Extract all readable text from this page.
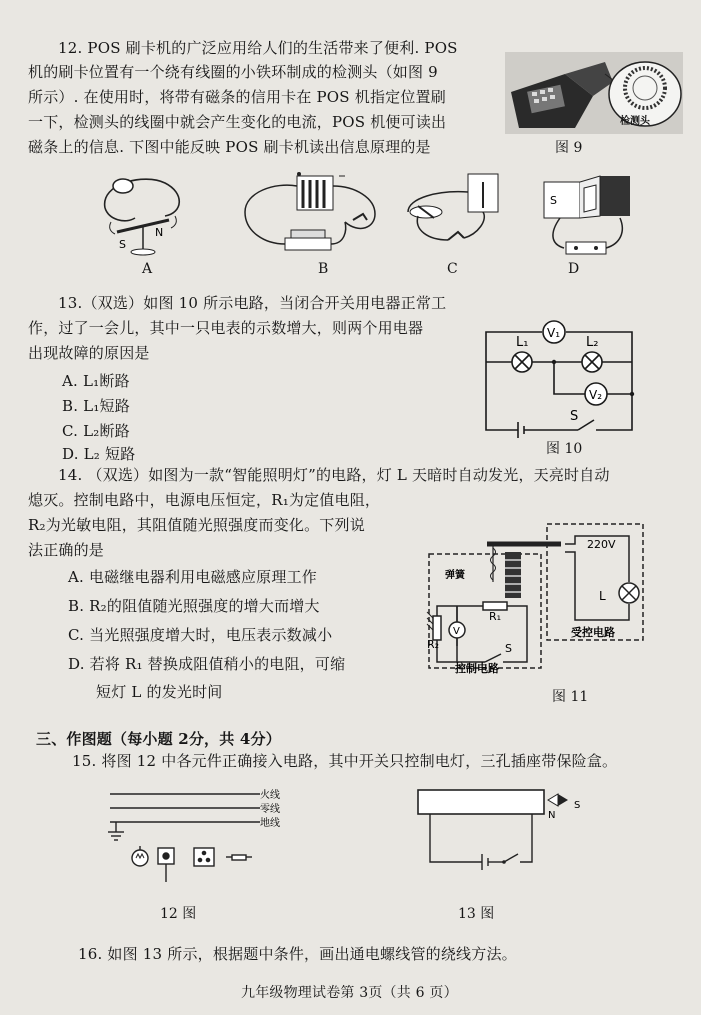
12. POS 刷卡机的广泛应用给人们的生活带来了便利. POS
机的刷卡位置有一个绕有线圈的小铁环制成的检测头（如图 9
所示）. 在使用时，将带有磁条的信用卡在 POS 机指定位置刷
一下，检测头的线圈中就会产生变化的电流，POS 机便可读出
磁条上的信息. 下图中能反映 POS 刷卡机读出信息原理的是
检测头
图 9
S
N
S
A	B	C	D
13.（双选）如图 10 所示电路，当闭合开关用电器正常工
作，过了一会儿，其中一只电表的示数增大，则两个用电器
出现故障的原因是
A. L₁断路
B. L₁短路
C. L₂断路
D. L₂ 短路
V₁
V₂
L₁	L₂
S
图 10
14. （双选）如图为一款“智能照明灯”的电路，灯 L 天暗时自动发光，天亮时自动
熄灭。控制电路中，电源电压恒定，R₁为定值电阻，
R₂为光敏电阻，其阻值随光照强度而变化。下列说
法正确的是
A. 电磁继电器利用电磁感应原理工作
B. R₂的阻值随光照强度的增大而增大
C. 当光照强度增大时，电压表示数减小
D. 若将 R₁ 替换成阻值稍小的电阻，可缩
短灯 L 的发光时间
弹簧
220V
L
V
R₁
R₂	S
控制电路
受控电路
图 11
三、作图题（每小题 2分，共 4分）
15. 将图 12 中各元件正确接入电路，其中开关只控制电灯，三孔插座带保险盒。
火线
零线
地线
12 图
N
S
13 图
16. 如图 13 所示，根据题中条件，画出通电螺线管的绕线方法。
九年级物理试卷第 3页（共 6 页）
